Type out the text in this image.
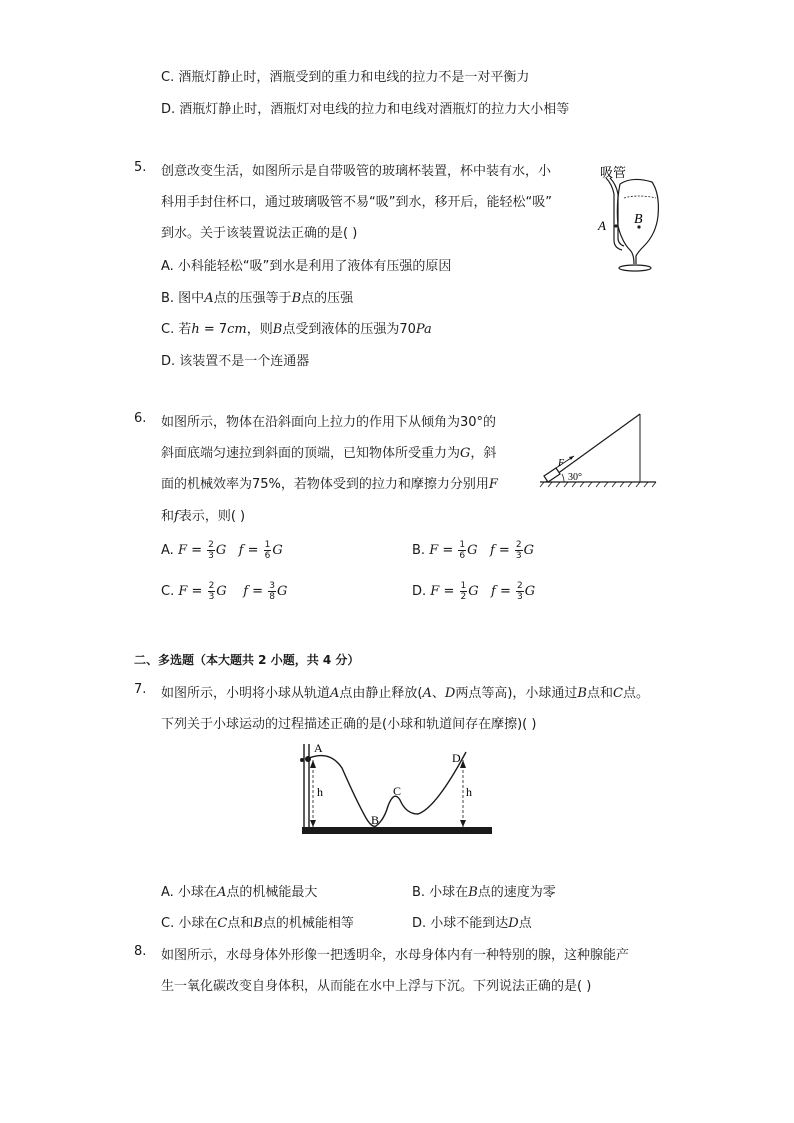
C. 酒瓶灯静止时，酒瓶受到的重力和电线的拉力不是一对平衡力
D. 酒瓶灯静止时，酒瓶灯对电线的拉力和电线对酒瓶灯的拉力大小相等
5. 创意改变生活，如图所示是自带吸管的玻璃杯装置，杯中装有水，小
科用手封住杯口，通过玻璃吸管不易“吸”到水，移开后，能轻松“吸”
到水。关于该装置说法正确的是( )
A. 小科能轻松“吸”到水是利用了液体有压强的原因
B. 图中A点的压强等于B点的压强
C. 若h = 7cm，则B点受到液体的压强为70Pa
D. 该装置不是一个连通器
吸管
A B
6. 如图所示，物体在沿斜面向上拉力的作用下从倾角为30°的
斜面底端匀速拉到斜面的顶端，已知物体所受重力为G，斜
面的机械效率为75%，若物体受到的拉力和摩擦力分别用F
和f表示，则( )
A. $F = \frac{2}{3}$ G $f = \frac{1}{6}$ G	B. $F = \frac{1}{6}$ G $f = \frac{2}{3}$ G
C. $F = \frac{2}{3}$ G $f = \frac{3}{8}$ G	D. $F = \frac{1}{2}$ G $f = \frac{2}{3}$ G
F
30°
二、多选题（本大题共 2 小题，共 4 分）
7. 如图所示，小明将小球从轨道A点由静止释放(A、D两点等高)，小球通过B点和C点。
下列关于小球运动的过程描述正确的是(小球和轨道间存在摩擦)( )
A
B
C
D
h	h
A. 小球在A点的机械能最大	B. 小球在B点的速度为零
C. 小球在C点和B点的机械能相等	D. 小球不能到达D点
8. 如图所示，水母身体外形像一把透明伞，水母身体内有一种特别的腺，这种腺能产
生一氧化碳改变自身体积，从而能在水中上浮与下沉。下列说法正确的是( )
